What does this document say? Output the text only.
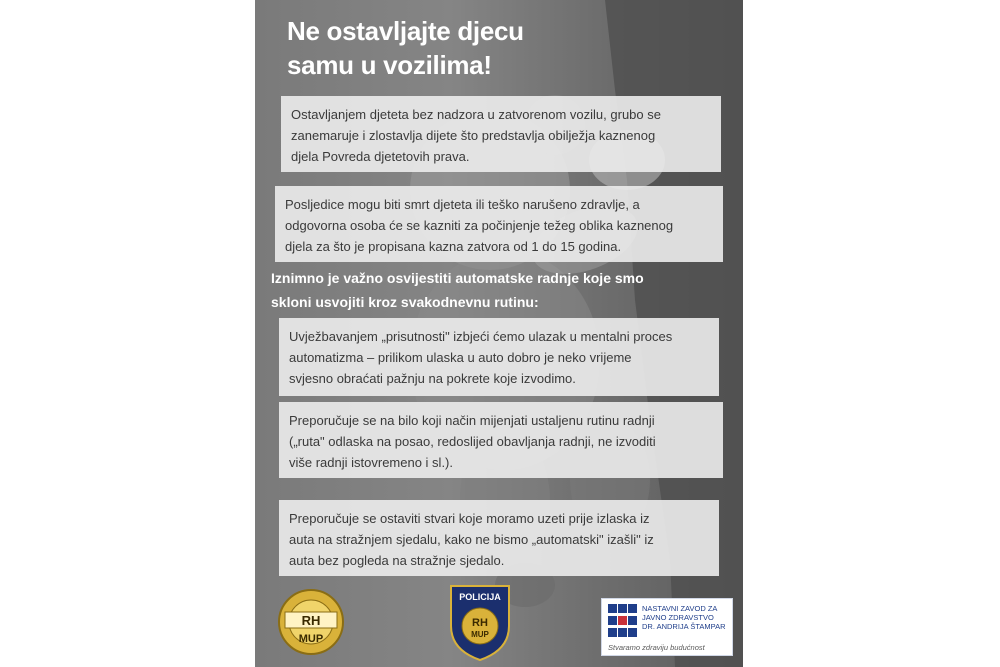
Ne ostavljajte djecu
samu u vozilima!
Ostavljanjem djeteta bez nadzora u zatvorenom vozilu, grubo se
zanemaruje i zlostavlja dijete što predstavlja obilježja kaznenog
djela Povreda djetetovih prava.
Posljedice mogu biti smrt djeteta ili teško narušeno zdravlje, a
odgovorna osoba će se kazniti za počinjenje težeg oblika kaznenog
djela za što je propisana kazna zatvora od 1 do 15 godina.
Iznimno je važno osvijestiti automatske radnje koje smo
skloni usvojiti kroz svakodnevnu rutinu:
Uvježbavanjem „prisutnosti" izbjeći ćemo ulazak u mentalni proces
automatizma – prilikom ulaska u auto dobro je neko vrijeme
svjesno obraćati pažnju na pokrete koje izvodimo.
Preporučuje se na bilo koji način mijenjati ustaljenu rutinu radnji
(„ruta" odlaska na posao, redoslijed obavljanja radnji, ne izvoditi
više radnji istovremeno i sl.).
Preporučuje se ostaviti stvari koje moramo uzeti prije izlaska iz
auta na stražnjem sjedalu, kako ne bismo „automatski" izašli" iz
auta bez pogleda na stražnje sjedalo.
RH
MUP
POLICIJA
RH
MUP
NASTAVNI ZAVOD ZA
JAVNO ZDRAVSTVO
DR. ANDRIJA ŠTAMPAR
Stvaramo zdraviju budućnost
